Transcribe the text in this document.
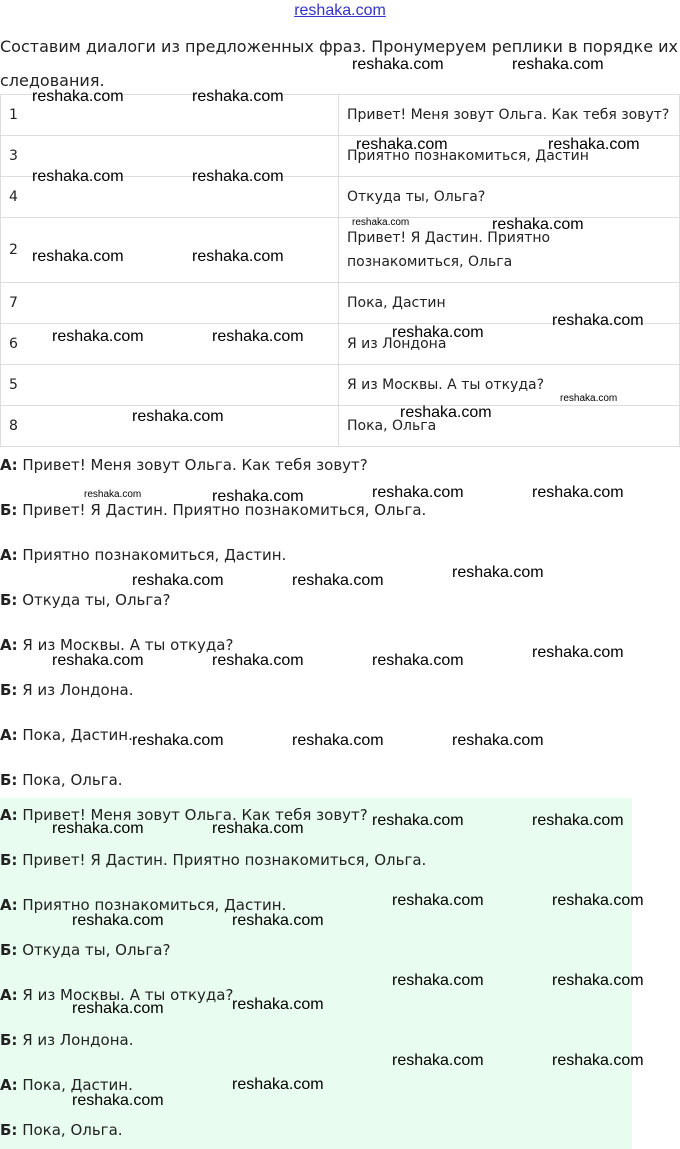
reshaka.com
Составим диалоги из предложенных фраз. Пронумеруем реплики в порядке их следования.
1	Привет! Меня зовут Ольга. Как тебя зовут?
3	Приятно познакомиться, Дастин
4	Откуда ты, Ольга?
2	Привет! Я Дастин. Приятно познакомиться, Ольга
7	Пока, Дастин
6	Я из Лондона
5	Я из Москвы. А ты откуда?
8	Пока, Ольга
А: Привет! Меня зовут Ольга. Как тебя зовут?
Б: Привет! Я Дастин. Приятно познакомиться, Ольга.
А: Приятно познакомиться, Дастин.
Б: Откуда ты, Ольга?
А: Я из Москвы. А ты откуда?
Б: Я из Лондона.
А: Пока, Дастин.
Б: Пока, Ольга.
А: Привет! Меня зовут Ольга. Как тебя зовут?
Б: Привет! Я Дастин. Приятно познакомиться, Ольга.
А: Приятно познакомиться, Дастин.
Б: Откуда ты, Ольга?
А: Я из Москвы. А ты откуда?
Б: Я из Лондона.
А: Пока, Дастин.
Б: Пока, Ольга.
reshaka.com	reshaka.com
reshaka.com	reshaka.com
reshaka.com	reshaka.com
reshaka.com	reshaka.com
reshaka.com	reshaka.com
reshaka.com	reshaka.com
reshaka.com
reshaka.com	reshaka.com	reshaka.com
reshaka.com
reshaka.com	reshaka.com
reshaka.com	reshaka.com
reshaka.com	reshaka.com
reshaka.com
reshaka.com	reshaka.com
reshaka.com
reshaka.com	reshaka.com	reshaka.com
reshaka.com	reshaka.com	reshaka.com
reshaka.com	reshaka.com
reshaka.com	reshaka.com
reshaka.com	reshaka.com
reshaka.com	reshaka.com
reshaka.com	reshaka.com
reshaka.com
reshaka.com
reshaka.com	reshaka.com
reshaka.com
reshaka.com
